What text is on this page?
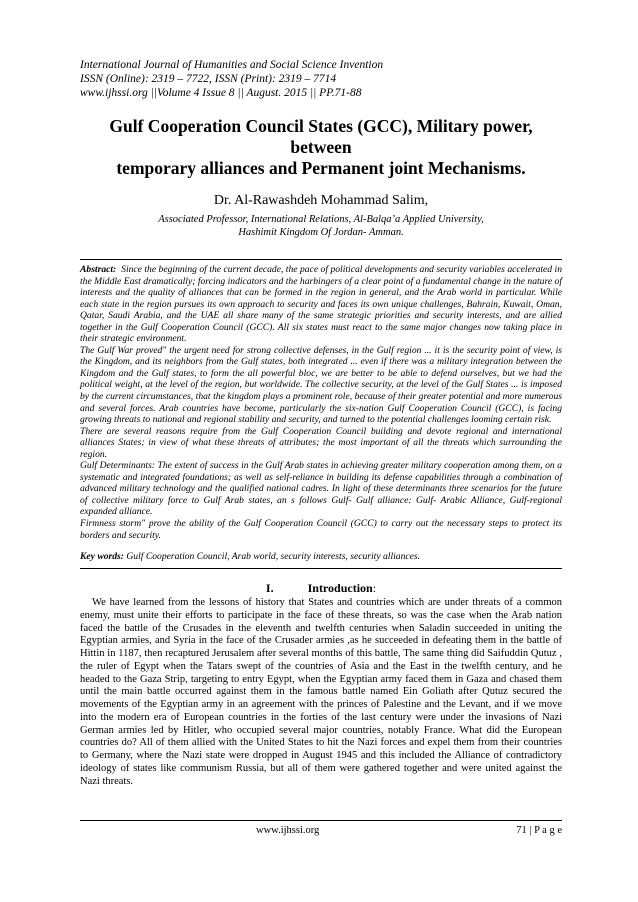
International Journal of Humanities and Social Science Invention
ISSN (Online): 2319 – 7722, ISSN (Print): 2319 – 7714
www.ijhssi.org ||Volume 4 Issue 8 || August. 2015 || PP.71-88
Gulf Cooperation Council States (GCC), Military power, between
temporary alliances and Permanent joint Mechanisms.
Dr. Al-Rawashdeh Mohammad Salim,
Associated Professor, International Relations, Al-Balqa’a Applied University,
Hashimit Kingdom Of Jordan- Amman.

Abstract: Since the beginning of the current decade, the pace of political developments and security variables accelerated in the Middle East dramatically; forcing indicators and the harbingers of a clear point of a fundamental change in the nature of interests and the quality of alliances that can be formed in the region in general, and the Arab world in particular. While each state in the region pursues its own approach to security and faces its own unique challenges, Bahrain, Kuwait, Oman, Qatar, Saudi Arabia, and the UAE all share many of the same strategic priorities and security interests, and are allied together in the Gulf Cooperation Council (GCC). All six states must react to the same major changes now taking place in their strategic environment.

The Gulf War proved" the urgent need for strong collective defenses, in the Gulf region ... it is the security point of view, is the Kingdom, and its neighbors from the Gulf states, both integrated ... even if there was a military integration between the Kingdom and the Gulf states, to form the all powerful bloc, we are better to be able to defend ourselves, but we had the political weight, at the level of the region, but worldwide. The collective security, at the level of the Gulf States ... is imposed by the current circumstances, that the kingdom plays a prominent role, because of their greater potential and more numerous and several forces. Arab countries have become, particularly the six-nation Gulf Cooperation Council (GCC), is facing growing threats to national and regional stability and security, and turned to the potential challenges looming certain risk.

There are several reasons require from the Gulf Cooperation Council building and devote regional and international alliances States; in view of what these threats of attributes; the most important of all the threats which surrounding the region.

Gulf Determinants: The extent of success in the Gulf Arab states in achieving greater military cooperation among them, on a systematic and integrated foundations; as well as self-reliance in building its defense capabilities through a combination of advanced military technology and the qualified national cadres. In light of these determinants three scenarios for the future of collective military force to Gulf Arab states, an s follows Gulf- Gulf alliance: Gulf- Arabic Alliance, Gulf-regional expanded alliance.

Firmness storm" prove the ability of the Gulf Cooperation Council (GCC) to carry out the necessary steps to protect its borders and security.

Key words: Gulf Cooperation Council, Arab world, security interests, security alliances.
I.	Introduction:

We have learned from the lessons of history that States and countries which are under threats of a common enemy, must unite their efforts to participate in the face of these threats, so was the case when the Arab nation faced the battle of the Crusades in the eleventh and twelfth centuries when Saladin succeeded in uniting the Egyptian armies, and Syria in the face of the Crusader armies ,as he succeeded in defeating them in the battle of Hittin in 1187, then recaptured Jerusalem after several months of this battle, The same thing did Saifuddin Qutuz , the ruler of Egypt when the Tatars swept of the countries of Asia and the East in the twelfth century, and he headed to the Gaza Strip, targeting to entry Egypt, when the Egyptian army faced them in Gaza and chased them until the main battle occurred against them in the famous battle named Ein Goliath after Qutuz secured the movements of the Egyptian army in an agreement with the princes of Palestine and the Levant, and if we move into the modern era of European countries in the forties of the last century were under the invasions of Nazi German armies led by Hitler, who occupied several major countries, notably France. What did the European countries do? All of them allied with the United States to hit the Nazi forces and expel them from their countries to Germany, where the Nazi state were dropped in August 1945 and this included the Alliance of contradictory ideology of states like communism Russia, but all of them were gathered together and were united against the Nazi threats.

www.ijhssi.org	71 | P a g e
